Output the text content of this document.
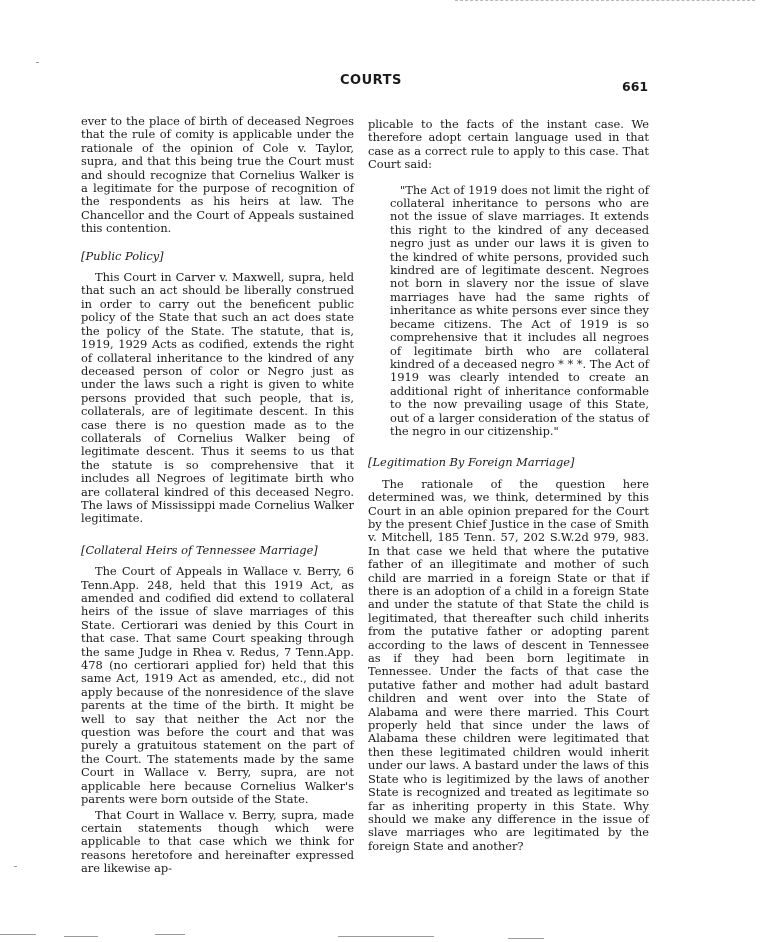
COURTS	661

ever to the place of birth of deceased Negroes that the rule of comity is applicable under the rationale of the opinion of Cole v. Taylor, supra, and that this being true the Court must and should recognize that Cornelius Walker is a legitimate for the purpose of recognition of the respondents as his heirs at law. The Chancellor and the Court of Appeals sustained this contention.

[Public Policy]

This Court in Carver v. Maxwell, supra, held that such an act should be liberally construed in order to carry out the beneficent public policy of the State that such an act does state the policy of the State. The statute, that is, 1919, 1929 Acts as codified, extends the right of collateral inheritance to the kindred of any deceased person of color or Negro just as under the laws such a right is given to white persons provided that such people, that is, collaterals, are of legitimate descent. In this case there is no question made as to the collaterals of Cornelius Walker being of legitimate descent. Thus it seems to us that the statute is so comprehensive that it includes all Negroes of legitimate birth who are collateral kindred of this deceased Negro. The laws of Mississippi made Cornelius Walker legitimate.

[Collateral Heirs of Tennessee Marriage]

The Court of Appeals in Wallace v. Berry, 6 Tenn.App. 248, held that this 1919 Act, as amended and codified did extend to collateral heirs of the issue of slave marriages of this State. Certiorari was denied by this Court in that case. That same Court speaking through the same Judge in Rhea v. Redus, 7 Tenn.App. 478 (no certiorari applied for) held that this same Act, 1919 Act as amended, etc., did not apply because of the nonresidence of the slave parents at the time of the birth. It might be well to say that neither the Act nor the question was before the court and that was purely a gratuitous statement on the part of the Court. The statements made by the same Court in Wallace v. Berry, supra, are not applicable here because Cornelius Walker's parents were born outside of the State.

That Court in Wallace v. Berry, supra, made certain statements though which were applicable to that case which we think for reasons heretofore and hereinafter expressed are likewise ap-

plicable to the facts of the instant case. We therefore adopt certain language used in that case as a correct rule to apply to this case. That Court said:

"The Act of 1919 does not limit the right of collateral inheritance to persons who are not the issue of slave marriages. It extends this right to the kindred of any deceased negro just as under our laws it is given to the kindred of white persons, provided such kindred are of legitimate descent. Negroes not born in slavery nor the issue of slave marriages have had the same rights of inheritance as white persons ever since they became citizens. The Act of 1919 is so comprehensive that it includes all negroes of legitimate birth who are collateral kindred of a deceased negro * * *. The Act of 1919 was clearly intended to create an additional right of inheritance conformable to the now prevailing usage of this State, out of a larger consideration of the status of the negro in our citizenship."

[Legitimation By Foreign Marriage]

The rationale of the question here determined was, we think, determined by this Court in an able opinion prepared for the Court by the present Chief Justice in the case of Smith v. Mitchell, 185 Tenn. 57, 202 S.W.2d 979, 983. In that case we held that where the putative father of an illegitimate and mother of such child are married in a foreign State or that if there is an adoption of a child in a foreign State and under the statute of that State the child is legitimated, that thereafter such child inherits from the putative father or adopting parent according to the laws of descent in Tennessee as if they had been born legitimate in Tennessee. Under the facts of that case the putative father and mother had adult bastard children and went over into the State of Alabama and were there married. This Court properly held that since under the laws of Alabama these children were legitimated that then these legitimated children would inherit under our laws. A bastard under the laws of this State who is legitimized by the laws of another State is recognized and treated as legitimate so far as inheriting property in this State. Why should we make any difference in the issue of slave marriages who are legitimated by the foreign State and another?
